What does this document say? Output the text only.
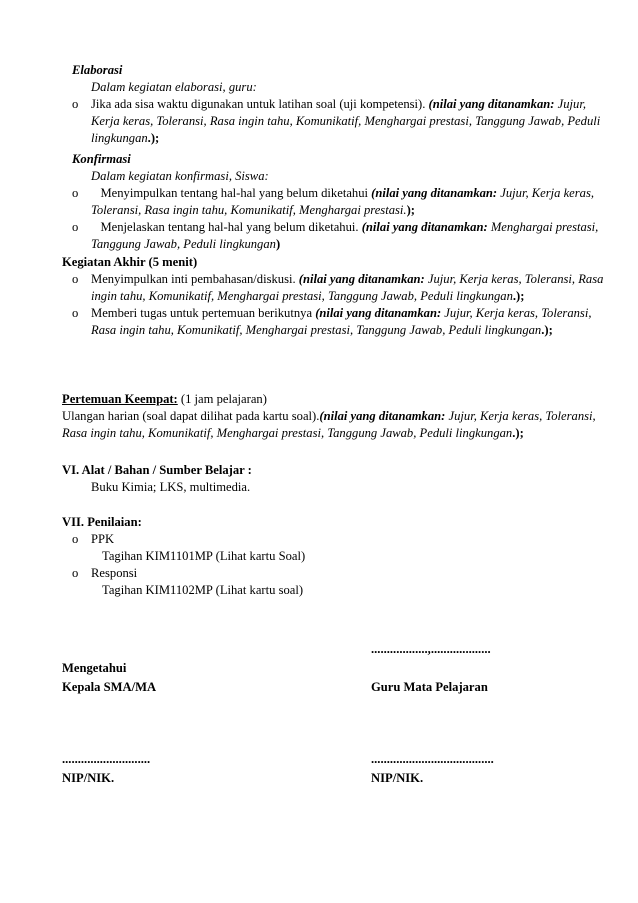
Elaborasi

Dalam kegiatan elaborasi, guru:

o Jika ada sisa waktu digunakan untuk latihan soal (uji kompetensi). (nilai yang ditanamkan: Jujur, Kerja keras, Toleransi, Rasa ingin tahu, Komunikatif, Menghargai prestasi, Tanggung Jawab, Peduli lingkungan.);

Konfirmasi

Dalam kegiatan konfirmasi, Siswa:

o Menyimpulkan tentang hal-hal yang belum diketahui (nilai yang ditanamkan: Jujur, Kerja keras, Toleransi, Rasa ingin tahu, Komunikatif, Menghargai prestasi.);
o Menjelaskan tentang hal-hal yang belum diketahui. (nilai yang ditanamkan: Menghargai prestasi, Tanggung Jawab, Peduli lingkungan)

Kegiatan Akhir (5 menit)

o Menyimpulkan inti pembahasan/diskusi. (nilai yang ditanamkan: Jujur, Kerja keras, Toleransi, Rasa ingin tahu, Komunikatif, Menghargai prestasi, Tanggung Jawab, Peduli lingkungan.);
o Memberi tugas untuk pertemuan berikutnya (nilai yang ditanamkan: Jujur, Kerja keras, Toleransi, Rasa ingin tahu, Komunikatif, Menghargai prestasi, Tanggung Jawab, Peduli lingkungan.);

Pertemuan Keempat: (1 jam pelajaran)

Ulangan harian (soal dapat dilihat pada kartu soal).(nilai yang ditanamkan: Jujur, Kerja keras, Toleransi, Rasa ingin tahu, Komunikatif, Menghargai prestasi, Tanggung Jawab, Peduli lingkungan.);

VI. Alat / Bahan / Sumber Belajar :

Buku Kimia; LKS, multimedia.

VII. Penilaian:

o PPK

Tagihan KIM1101MP (Lihat kartu Soal)

o Responsi

Tagihan KIM1102MP (Lihat kartu soal)

..................,...................
Mengetahui
Kepala SMA/MA	Guru Mata Pelajaran
............................	.......................................
NIP/NIK.	NIP/NIK.
